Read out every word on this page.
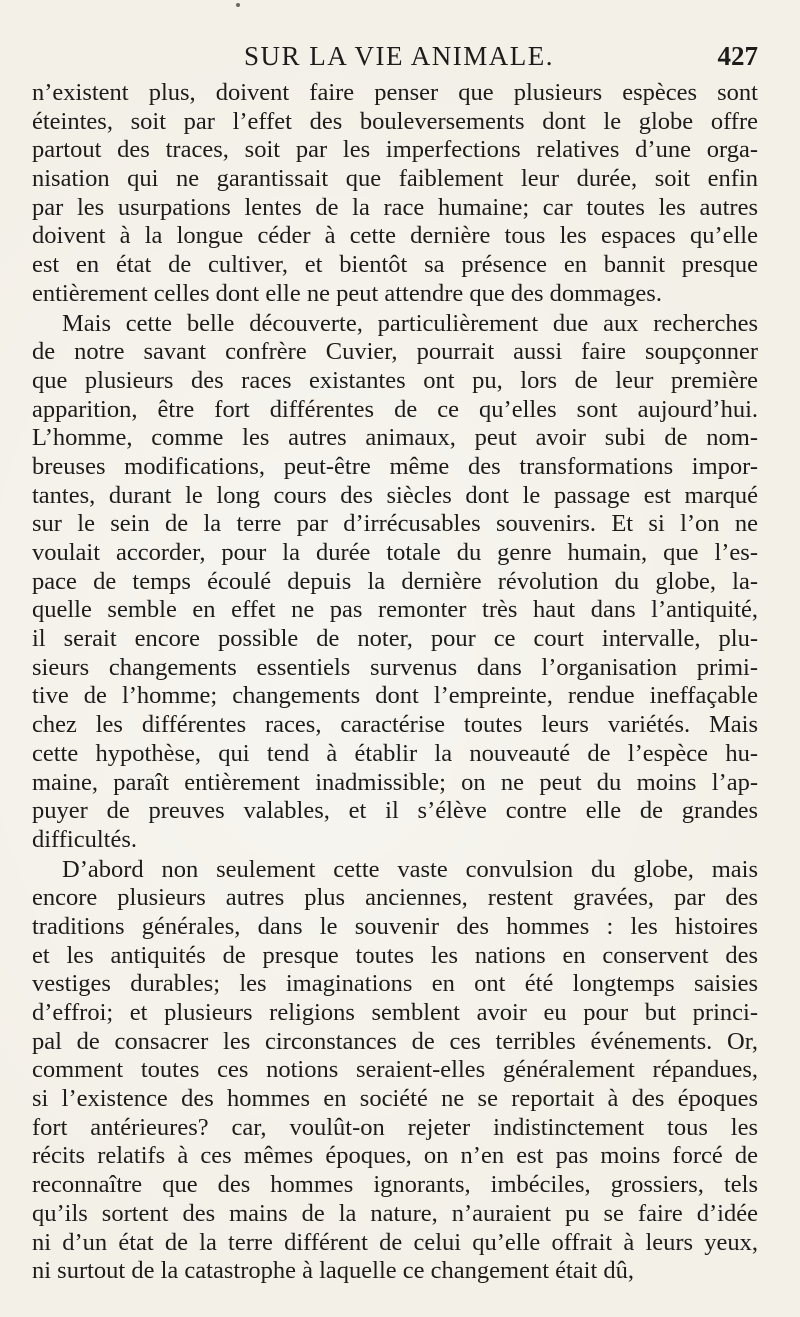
SUR LA VIE ANIMALE.	427
n’existent plus, doivent faire penser que plusieurs espèces sont
éteintes, soit par l’effet des bouleversements dont le globe offre
partout des traces, soit par les imperfections relatives d’une orga-
nisation qui ne garantissait que faiblement leur durée, soit enfin
par les usurpations lentes de la race humaine; car toutes les autres
doivent à la longue céder à cette dernière tous les espaces qu’elle
est en état de cultiver, et bientôt sa présence en bannit presque
entièrement celles dont elle ne peut attendre que des dommages.
Mais cette belle découverte, particulièrement due aux recherches
de notre savant confrère Cuvier, pourrait aussi faire soupçonner
que plusieurs des races existantes ont pu, lors de leur première
apparition, être fort différentes de ce qu’elles sont aujourd’hui.
L’homme, comme les autres animaux, peut avoir subi de nom-
breuses modifications, peut-être même des transformations impor-
tantes, durant le long cours des siècles dont le passage est marqué
sur le sein de la terre par d’irrécusables souvenirs. Et si l’on ne
voulait accorder, pour la durée totale du genre humain, que l’es-
pace de temps écoulé depuis la dernière révolution du globe, la-
quelle semble en effet ne pas remonter très haut dans l’antiquité,
il serait encore possible de noter, pour ce court intervalle, plu-
sieurs changements essentiels survenus dans l’organisation primi-
tive de l’homme; changements dont l’empreinte, rendue ineffaçable
chez les différentes races, caractérise toutes leurs variétés. Mais
cette hypothèse, qui tend à établir la nouveauté de l’espèce hu-
maine, paraît entièrement inadmissible; on ne peut du moins l’ap-
puyer de preuves valables, et il s’élève contre elle de grandes
difficultés.
D’abord non seulement cette vaste convulsion du globe, mais
encore plusieurs autres plus anciennes, restent gravées, par des
traditions générales, dans le souvenir des hommes : les histoires
et les antiquités de presque toutes les nations en conservent des
vestiges durables; les imaginations en ont été longtemps saisies
d’effroi; et plusieurs religions semblent avoir eu pour but princi-
pal de consacrer les circonstances de ces terribles événements. Or,
comment toutes ces notions seraient-elles généralement répandues,
si l’existence des hommes en société ne se reportait à des époques
fort antérieures? car, voulût-on rejeter indistinctement tous les
récits relatifs à ces mêmes époques, on n’en est pas moins forcé de
reconnaître que des hommes ignorants, imbéciles, grossiers, tels
qu’ils sortent des mains de la nature, n’auraient pu se faire d’idée
ni d’un état de la terre différent de celui qu’elle offrait à leurs yeux,
ni surtout de la catastrophe à laquelle ce changement était dû,
